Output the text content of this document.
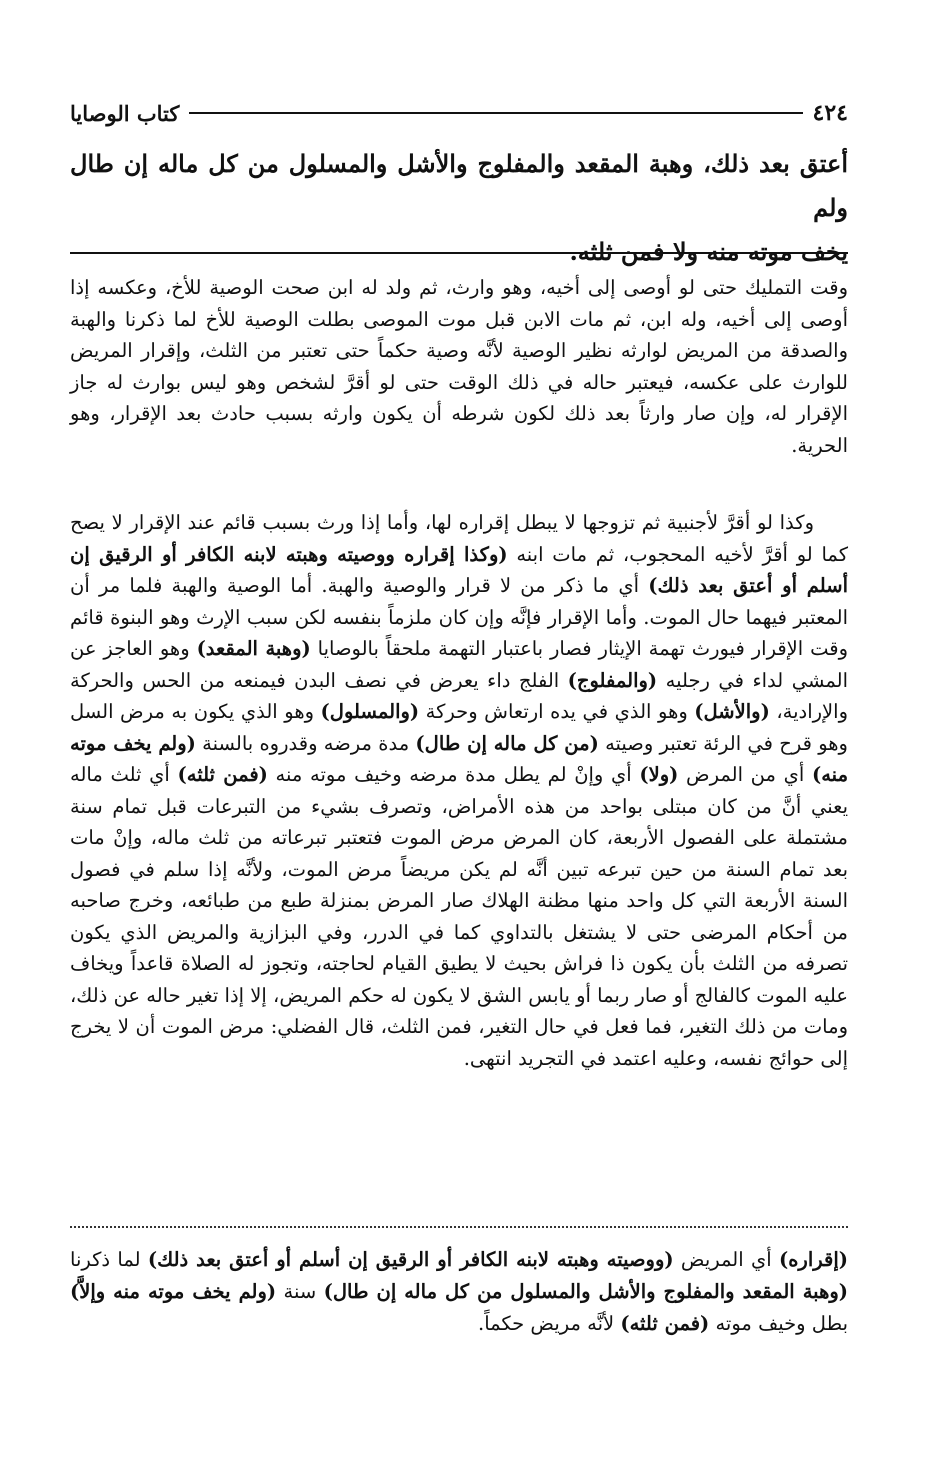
٤٢٤
كتاب الوصايا
أعتق بعد ذلك، وهبة المقعد والمفلوج والأشل والمسلول من كل ماله إن طال ولم
يخف موته منه ولا فمن ثلثه.

وقت التمليك حتى لو أوصى إلى أخيه، وهو وارث، ثم ولد له ابن صحت الوصية للأخ، وعكسه إذا أوصى إلى أخيه، وله ابن، ثم مات الابن قبل موت الموصى بطلت الوصية للأخ لما ذكرنا والهبة والصدقة من المريض لوارثه نظير الوصية لأنَّه وصية حكماً حتى تعتبر من الثلث، وإقرار المريض للوارث على عكسه، فيعتبر حاله في ذلك الوقت حتى لو أقرَّ لشخص وهو ليس بوارث له جاز الإقرار له، وإن صار وارثاً بعد ذلك لكون شرطه أن يكون وارثه بسبب حادث بعد الإقرار، وهو الحرية.

وكذا لو أقرَّ لأجنبية ثم تزوجها لا يبطل إقراره لها، وأما إذا ورث بسبب قائم عند الإقرار لا يصح كما لو أقرَّ لأخيه المحجوب، ثم مات ابنه (وكذا إقراره ووصيته وهبته لابنه الكافر أو الرقيق إن أسلم أو أعتق بعد ذلك) أي ما ذكر من لا قرار والوصية والهبة. أما الوصية والهبة فلما مر أن المعتبر فيهما حال الموت. وأما الإقرار فإنَّه وإن كان ملزماً بنفسه لكن سبب الإرث وهو البنوة قائم وقت الإقرار فيورث تهمة الإيثار فصار باعتبار التهمة ملحقاً بالوصايا (وهبة المقعد) وهو العاجز عن المشي لداء في رجليه (والمفلوج) الفلج داء يعرض في نصف البدن فيمنعه من الحس والحركة والإرادية، (والأشل) وهو الذي في يده ارتعاش وحركة (والمسلول) وهو الذي يكون به مرض السل وهو قرح في الرئة تعتبر وصيته (من كل ماله إن طال) مدة مرضه وقدروه بالسنة (ولم يخف موته منه) أي من المرض (ولا) أي وإنْ لم يطل مدة مرضه وخيف موته منه (فمن ثلثه) أي ثلث ماله يعني أنَّ من كان مبتلى بواحد من هذه الأمراض، وتصرف بشيء من التبرعات قبل تمام سنة مشتملة على الفصول الأربعة، كان المرض مرض الموت فتعتبر تبرعاته من ثلث ماله، وإنْ مات بعد تمام السنة من حين تبرعه تبين أنَّه لم يكن مريضاً مرض الموت، ولأنَّه إذا سلم في فصول السنة الأربعة التي كل واحد منها مظنة الهلاك صار المرض بمنزلة طبع من طبائعه، وخرج صاحبه من أحكام المرضى حتى لا يشتغل بالتداوي كما في الدرر، وفي البزازية والمريض الذي يكون تصرفه من الثلث بأن يكون ذا فراش بحيث لا يطيق القيام لحاجته، وتجوز له الصلاة قاعداً ويخاف عليه الموت كالفالج أو صار ربما أو يابس الشق لا يكون له حكم المريض، إلا إذا تغير حاله عن ذلك، ومات من ذلك التغير، فما فعل في حال التغير، فمن الثلث، قال الفضلي: مرض الموت أن لا يخرج إلى حوائج نفسه، وعليه اعتمد في التجريد انتهى.

(إقراره) أي المريض (ووصيته وهبته لابنه الكافر أو الرقيق إن أسلم أو أعتق بعد ذلك) لما ذكرنا (وهبة المقعد والمفلوج والأشل والمسلول من كل ماله إن طال) سنة (ولم يخف موته منه وإلاَّ) بطل وخيف موته (فمن ثلثه) لأنَّه مريض حكماً.
